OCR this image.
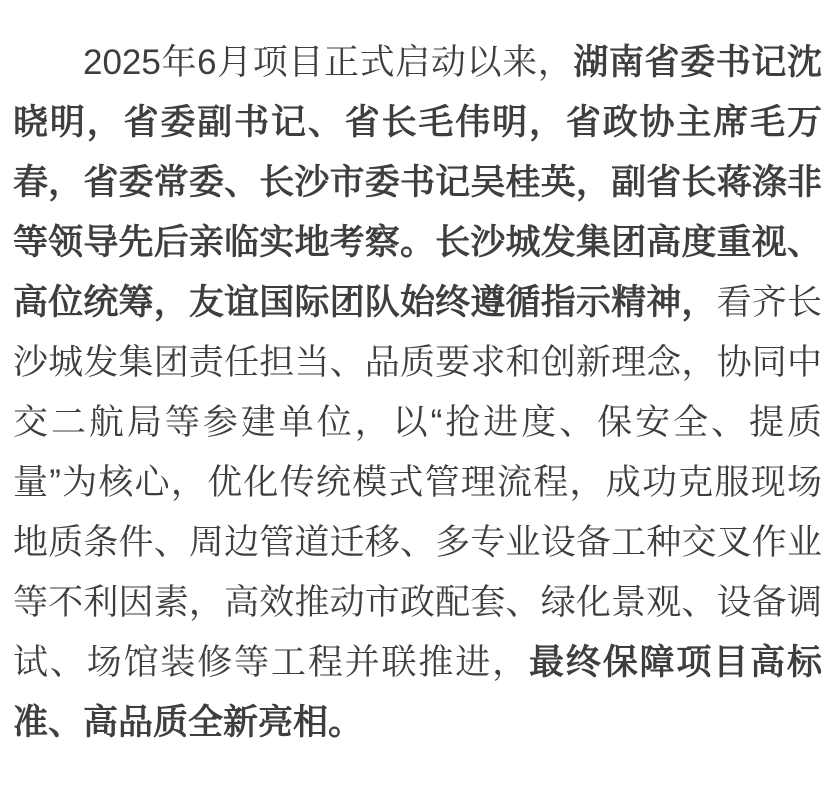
2025年6月项目正式启动以来，湖南省委书记沈晓明，省委副书记、省长毛伟明，省政协主席毛万春，省委常委、长沙市委书记吴桂英，副省长蒋涤非等领导先后亲临实地考察。长沙城发集团高度重视、高位统筹，友谊国际团队始终遵循指示精神，看齐长沙城发集团责任担当、品质要求和创新理念，协同中交二航局等参建单位，以“抢进度、保安全、提质量”为核心，优化传统模式管理流程，成功克服现场地质条件、周边管道迁移、多专业设备工种交叉作业等不利因素，高效推动市政配套、绿化景观、设备调试、场馆装修等工程并联推进，最终保障项目高标准、高品质全新亮相。
